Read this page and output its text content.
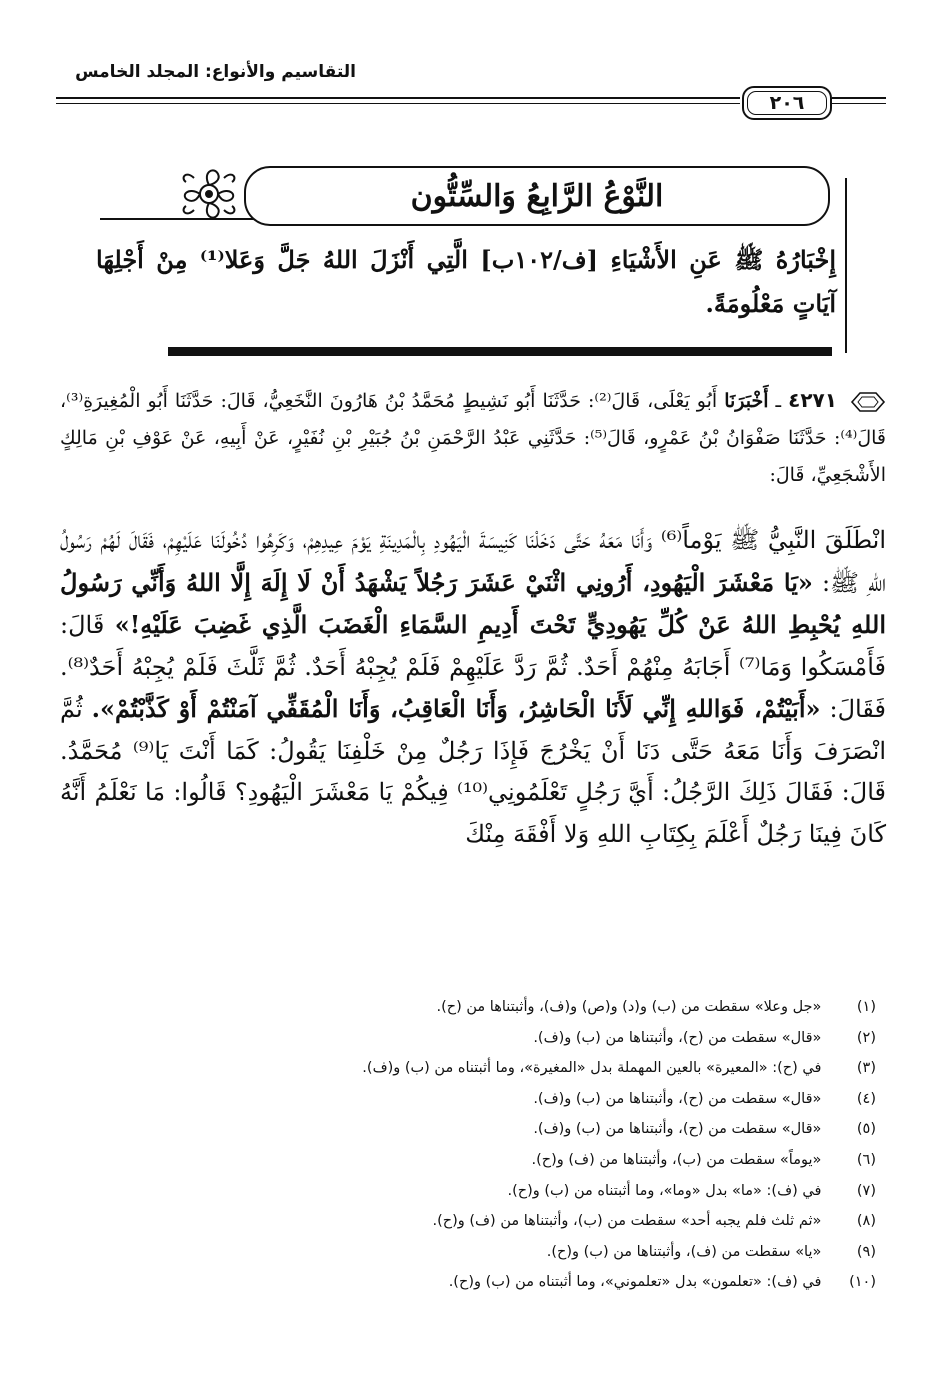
التقاسيم والأنواع: المجلد الخامس
٢٠٦
النَّوْعُ الرَّابِعُ وَالسِّتُّون
إِخْبَارُهُ ﷺ عَنِ الأَشْيَاءِ [ف/١٠٢ب] الَّتِي أَنْزَلَ اللهُ جَلَّ وَعَلا⁽¹⁾ مِنْ أَجْلِهَا آيَاتٍ مَعْلُومَةً.
٤٢٧١ ـ أَخْبَرَنَا أَبُو يَعْلَى، قَالَ⁽²⁾: حَدَّثَنَا أَبُو نَشِيطٍ مُحَمَّدُ بْنُ هَارُونَ النَّخَعِيُّ، قَالَ: حَدَّثَنَا أَبُو الْمُغِيرَةِ⁽³⁾، قَالَ⁽⁴⁾: حَدَّثَنَا صَفْوَانُ بْنُ عَمْرٍو، قَالَ⁽⁵⁾: حَدَّثَنِي عَبْدُ الرَّحْمَنِ بْنُ جُبَيْرِ بْنِ نُفَيْرٍ، عَنْ أَبِيهِ، عَنْ عَوْفِ بْنِ مَالِكٍ الأَشْجَعِيِّ، قَالَ:
انْطَلَقَ النَّبِيُّ ﷺ يَوْماً⁽⁶⁾ وَأَنَا مَعَهُ حَتَّى دَخَلْنَا كَنِيسَةَ الْيَهُودِ بِالْمَدِينَةِ يَوْمَ عِيدِهِمْ، وَكَرِهُوا دُخُولَنَا عَلَيْهِمْ، فَقَالَ لَهُمْ رَسُولُ اللهِ ﷺ: «يَا مَعْشَرَ الْيَهُودِ، أَرُونِي اثْنَيْ عَشَرَ رَجُلاً يَشْهَدُ أَنْ لَا إِلَهَ إِلَّا اللهُ وَأَنِّي رَسُولُ اللهِ يُحْبِطِ اللهُ عَنْ كُلِّ يَهُودِيٍّ تَحْتَ أَدِيمِ السَّمَاءِ الْغَضَبَ الَّذِي غَضِبَ عَلَيْهِ!» قَالَ: فَأَمْسَكُوا وَمَا⁽⁷⁾ أَجَابَهُ مِنْهُمْ أَحَدٌ. ثُمَّ رَدَّ عَلَيْهِمْ فَلَمْ يُجِبْهُ أَحَدٌ. ثُمَّ ثَلَّثَ فَلَمْ يُجِبْهُ أَحَدٌ⁽⁸⁾. فَقَالَ: «أَبَيْتُمْ، فَوَاللهِ إِنِّي لَأَنَا الْحَاشِرُ، وَأَنَا الْعَاقِبُ، وَأَنَا الْمُقَفِّي آمَنْتُمْ أَوْ كَذَّبْتُمْ». ثُمَّ انْصَرَفَ وَأَنَا مَعَهُ حَتَّى دَنَا أَنْ يَخْرُجَ فَإِذَا رَجُلٌ مِنْ خَلْفِنَا يَقُولُ: كَمَا أَنْتَ يَا⁽⁹⁾ مُحَمَّدُ. قَالَ: فَقَالَ ذَلِكَ الرَّجُلُ: أَيَّ رَجُلٍ تَعْلَمُونِي⁽¹⁰⁾ فِيكُمْ يَا مَعْشَرَ الْيَهُودِ؟ قَالُوا: مَا نَعْلَمُ أَنَّهُ كَانَ فِينَا رَجُلٌ أَعْلَمَ بِكِتَابِ اللهِ وَلا أَفْقَهَ مِنْكَ
(١) «جل وعلا» سقطت من (ب) و(د) و(ص) و(ف)، وأثبتناها من (ح).
(٢) «قال» سقطت من (ح)، وأثبتناها من (ب) و(ف).
(٣) في (ح): «المعيرة» بالعين المهملة بدل «المغيرة»، وما أثبتناه من (ب) و(ف).
(٤) «قال» سقطت من (ح)، وأثبتناها من (ب) و(ف).
(٥) «قال» سقطت من (ح)، وأثبتناها من (ب) و(ف).
(٦) «يوماً» سقطت من (ب)، وأثبتناها من (ف) و(ح).
(٧) في (ف): «ما» بدل «وما»، وما أثبتناه من (ب) و(ح).
(٨) «ثم ثلث فلم يجبه أحد» سقطت من (ب)، وأثبتناها من (ف) و(ح).
(٩) «يا» سقطت من (ف)، وأثبتناها من (ب) و(ح).
(١٠) في (ف): «تعلمون» بدل «تعلموني»، وما أثبتناه من (ب) و(ح).
